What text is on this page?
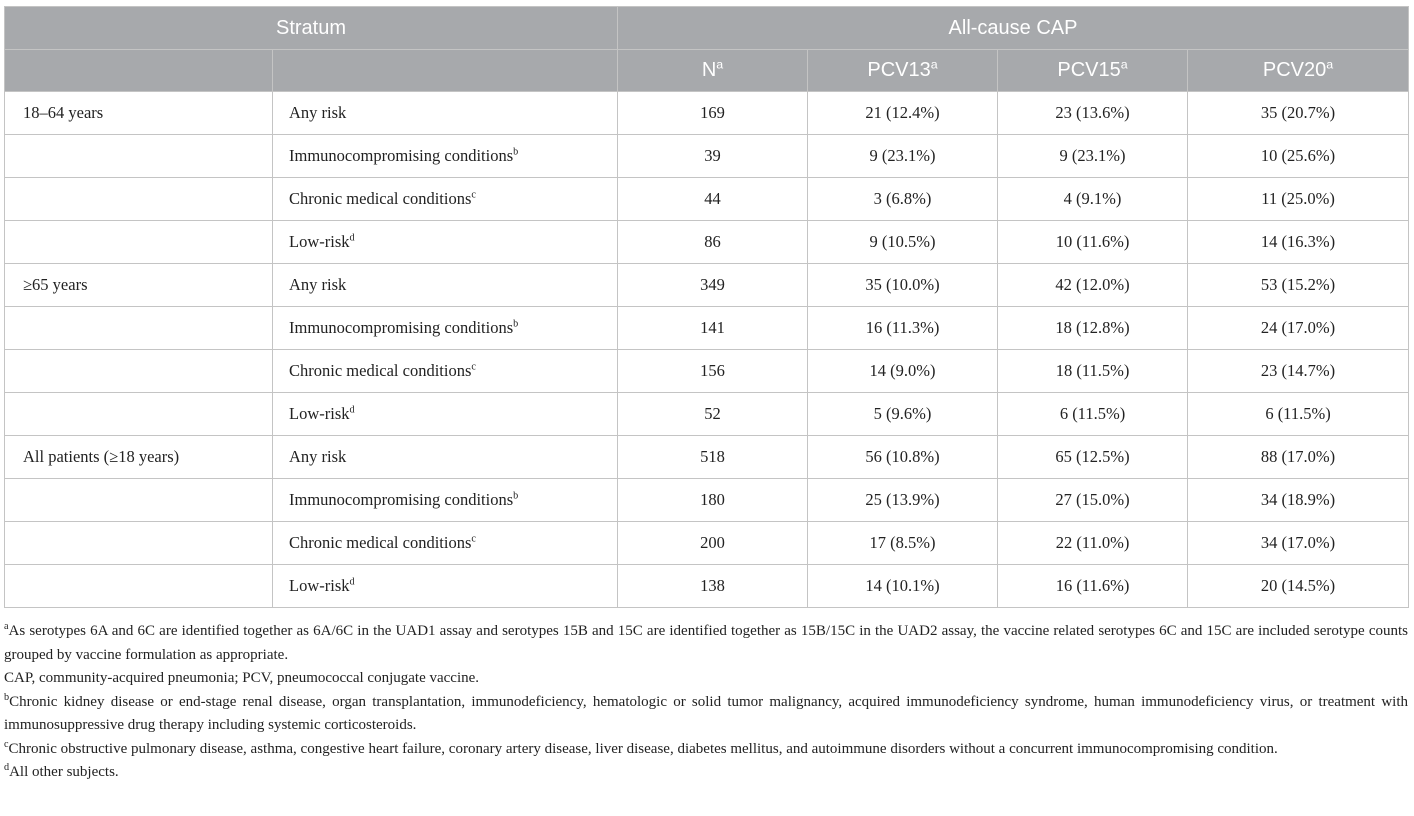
Stratum		All-cause CAP			
		$N^a$	PCV13$^a$	PCV15$^a$	PCV20$^a$
18–64 years	Any risk	169	21 (12.4%)	23 (13.6%)	35 (20.7%)
	Immunocompromising conditions$^b$	39	9 (23.1%)	9 (23.1%)	10 (25.6%)
	Chronic medical conditions$^c$	44	3 (6.8%)	4 (9.1%)	11 (25.0%)
	Low-risk$^d$	86	9 (10.5%)	10 (11.6%)	14 (16.3%)
≥65 years	Any risk	349	35 (10.0%)	42 (12.0%)	53 (15.2%)
	Immunocompromising conditions$^b$	141	16 (11.3%)	18 (12.8%)	24 (17.0%)
	Chronic medical conditions$^c$	156	14 (9.0%)	18 (11.5%)	23 (14.7%)
	Low-risk$^d$	52	5 (9.6%)	6 (11.5%)	6 (11.5%)
All patients (≥18 years)	Any risk	518	56 (10.8%)	65 (12.5%)	88 (17.0%)
	Immunocompromising conditions$^b$	180	25 (13.9%)	27 (15.0%)	34 (18.9%)
	Chronic medical conditions$^c$	200	17 (8.5%)	22 (11.0%)	34 (17.0%)
	Low-risk$^d$	138	14 (10.1%)	16 (11.6%)	20 (14.5%)

$^a$As serotypes 6A and 6C are identified together as 6A/6C in the UAD1 assay and serotypes 15B and 15C are identified together as 15B/15C in the UAD2 assay, the vaccine related serotypes 6C and 15C are included serotype counts grouped by vaccine formulation as appropriate.

CAP, community-acquired pneumonia; PCV, pneumococcal conjugate vaccine.

$^b$Chronic kidney disease or end-stage renal disease, organ transplantation, immunodeficiency, hematologic or solid tumor malignancy, acquired immunodeficiency syndrome, human immunodeficiency virus, or treatment with immunosuppressive drug therapy including systemic corticosteroids.

$^c$Chronic obstructive pulmonary disease, asthma, congestive heart failure, coronary artery disease, liver disease, diabetes mellitus, and autoimmune disorders without a concurrent immunocompromising condition.

$^d$All other subjects.
